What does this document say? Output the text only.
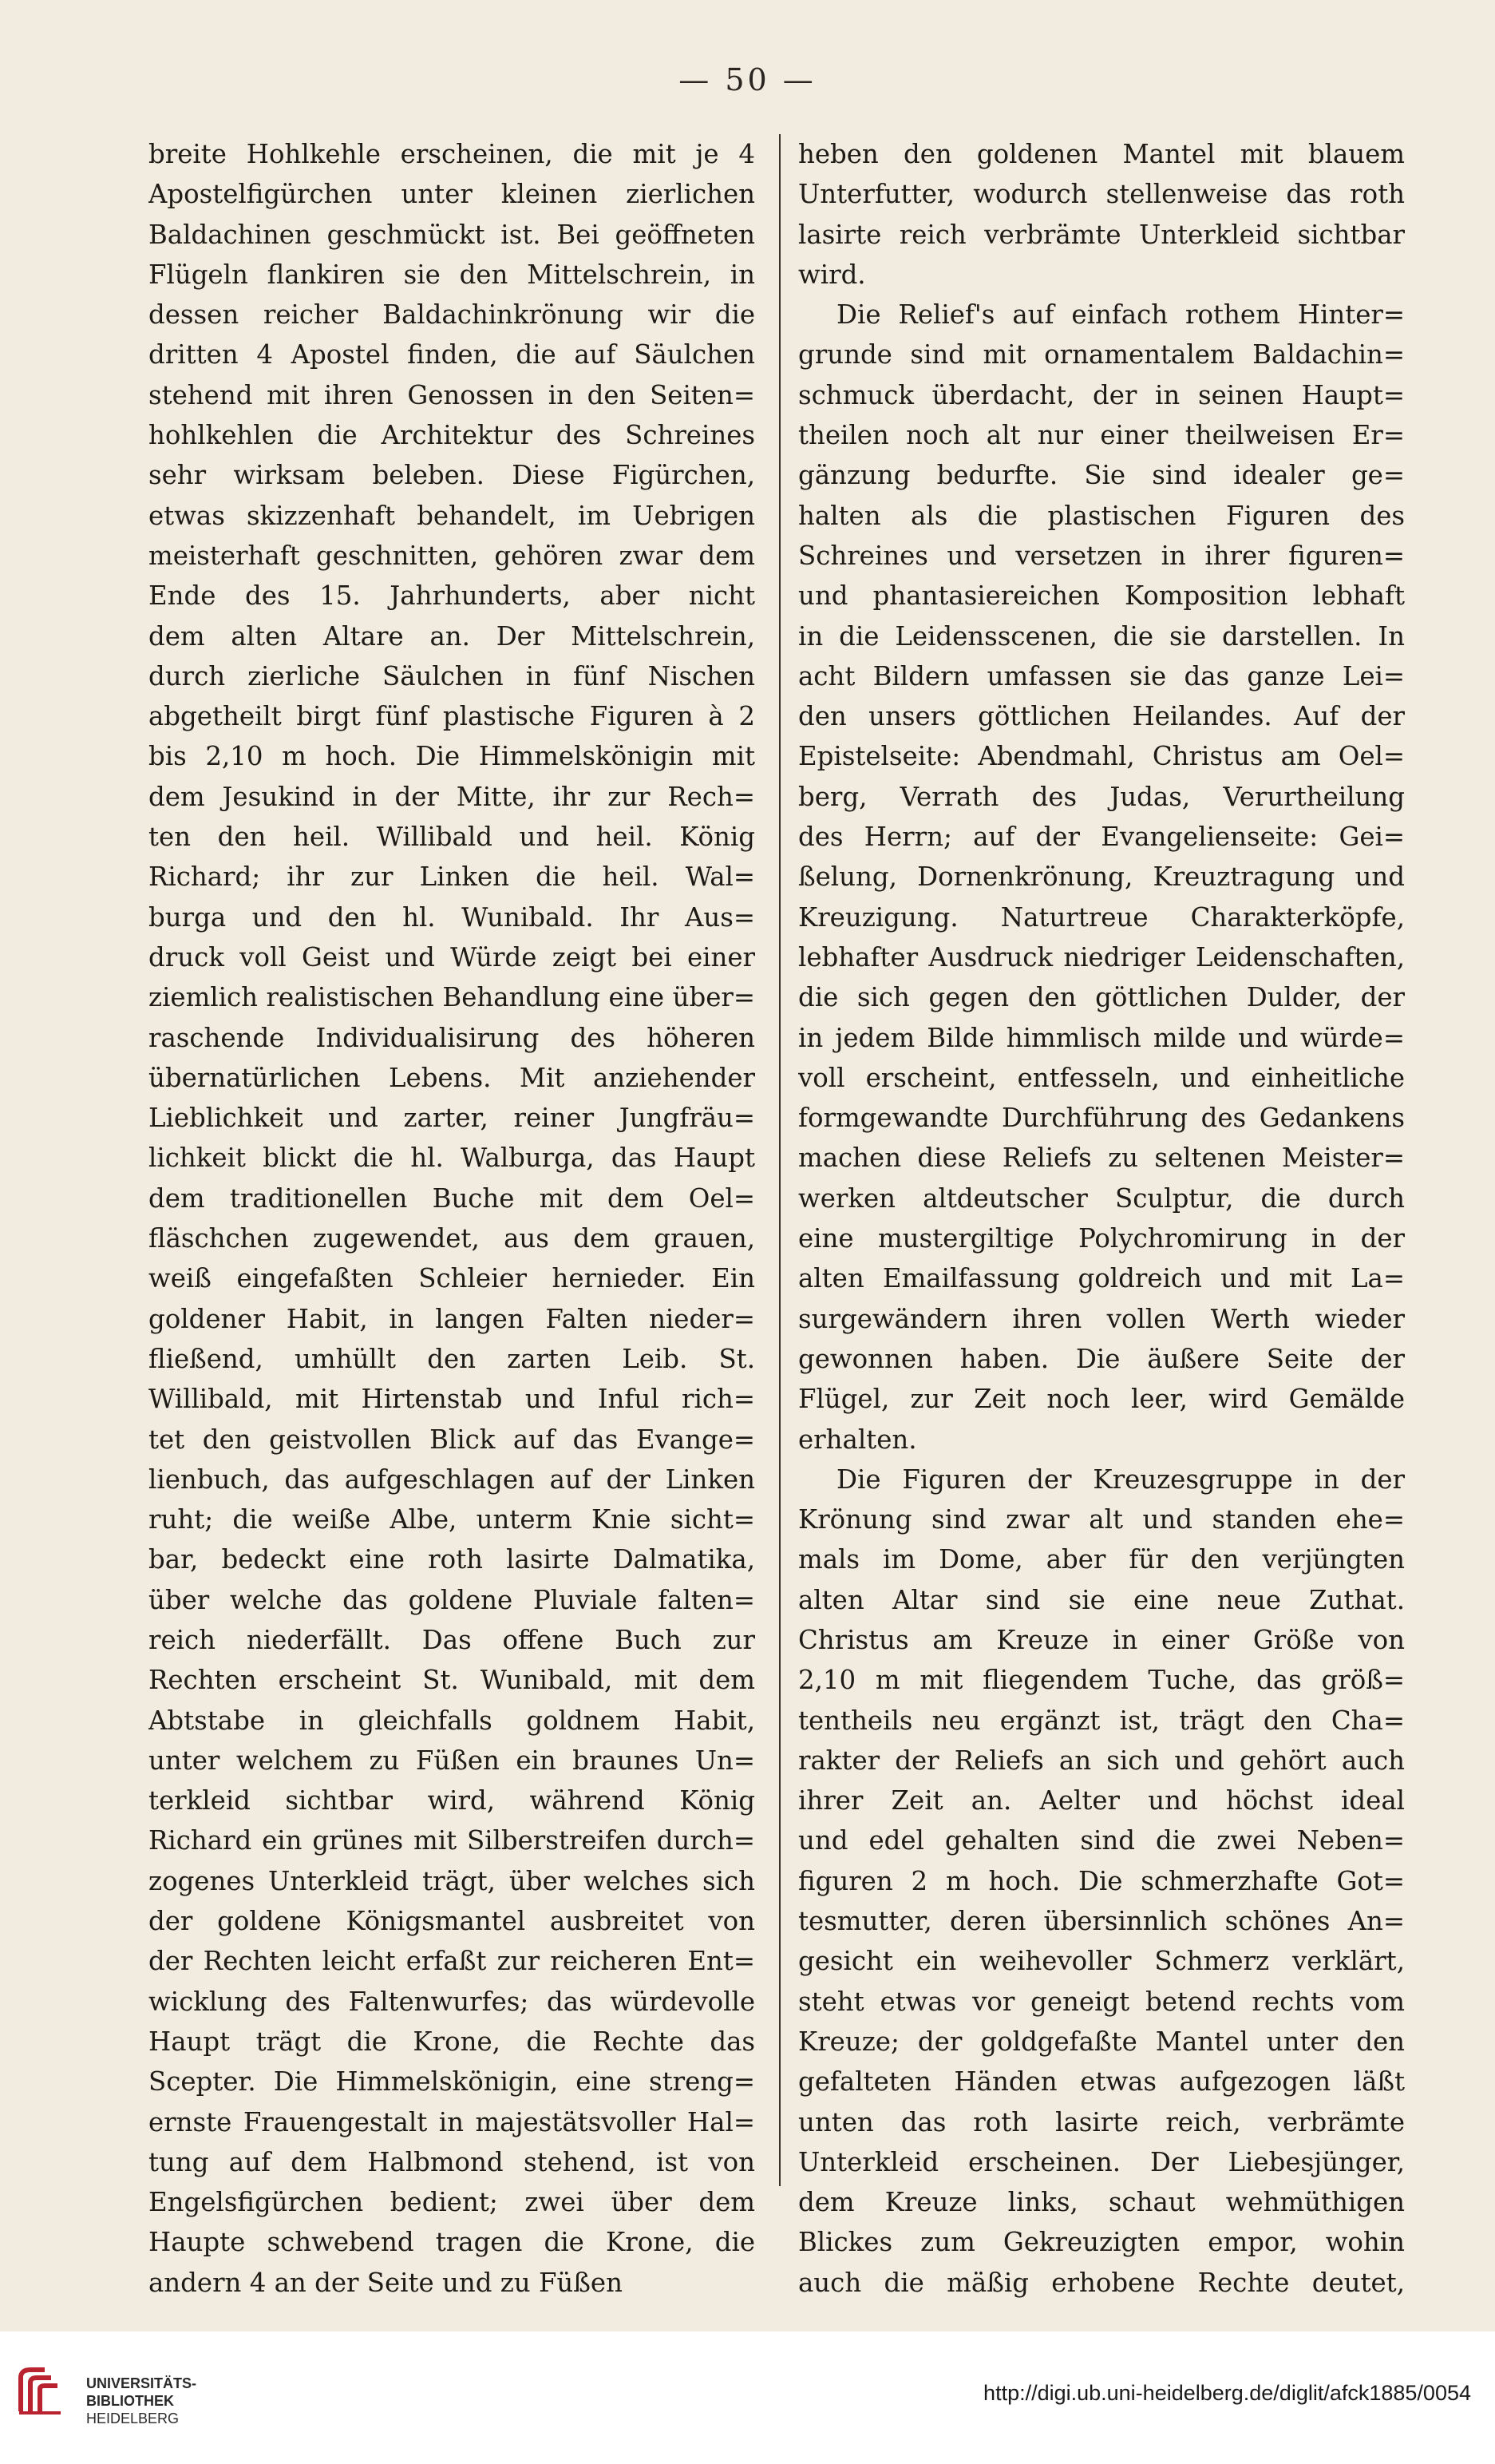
— 50 —
breite Hohlkehle erscheinen, die mit je 4
Apostelfigürchen unter kleinen zierlichen
Baldachinen geschmückt ist. Bei geöffneten
Flügeln flankiren sie den Mittelschrein, in
dessen reicher Baldachinkrönung wir die
dritten 4 Apostel finden, die auf Säulchen
stehend mit ihren Genossen in den Seiten=
hohlkehlen die Architektur des Schreines
sehr wirksam beleben. Diese Figürchen,
etwas skizzenhaft behandelt, im Uebrigen
meisterhaft geschnitten, gehören zwar dem
Ende des 15. Jahrhunderts, aber nicht
dem alten Altare an. Der Mittelschrein,
durch zierliche Säulchen in fünf Nischen
abgetheilt birgt fünf plastische Figuren à 2
bis 2,10 m hoch. Die Himmelskönigin mit
dem Jesukind in der Mitte, ihr zur Rech=
ten den heil. Willibald und heil. König
Richard; ihr zur Linken die heil. Wal=
burga und den hl. Wunibald. Ihr Aus=
druck voll Geist und Würde zeigt bei einer
ziemlich realistischen Behandlung eine über=
raschende Individualisirung des höheren
übernatürlichen Lebens. Mit anziehender
Lieblichkeit und zarter, reiner Jungfräu=
lichkeit blickt die hl. Walburga, das Haupt
dem traditionellen Buche mit dem Oel=
fläschchen zugewendet, aus dem grauen,
weiß eingefaßten Schleier hernieder. Ein
goldener Habit, in langen Falten nieder=
fließend, umhüllt den zarten Leib. St.
Willibald, mit Hirtenstab und Inful rich=
tet den geistvollen Blick auf das Evange=
lienbuch, das aufgeschlagen auf der Linken
ruht; die weiße Albe, unterm Knie sicht=
bar, bedeckt eine roth lasirte Dalmatika,
über welche das goldene Pluviale falten=
reich niederfällt. Das offene Buch zur
Rechten erscheint St. Wunibald, mit dem
Abtstabe in gleichfalls goldnem Habit,
unter welchem zu Füßen ein braunes Un=
terkleid sichtbar wird, während König
Richard ein grünes mit Silberstreifen durch=
zogenes Unterkleid trägt, über welches sich
der goldene Königsmantel ausbreitet von
der Rechten leicht erfaßt zur reicheren Ent=
wicklung des Faltenwurfes; das würdevolle
Haupt trägt die Krone, die Rechte das
Scepter. Die Himmelskönigin, eine streng=
ernste Frauengestalt in majestätsvoller Hal=
tung auf dem Halbmond stehend, ist von
Engelsfigürchen bedient; zwei über dem
Haupte schwebend tragen die Krone, die
andern 4 an der Seite und zu Füßen
heben den goldenen Mantel mit blauem
Unterfutter, wodurch stellenweise das roth
lasirte reich verbrämte Unterkleid sichtbar
wird.
Die Relief's auf einfach rothem Hinter=
grunde sind mit ornamentalem Baldachin=
schmuck überdacht, der in seinen Haupt=
theilen noch alt nur einer theilweisen Er=
gänzung bedurfte. Sie sind idealer ge=
halten als die plastischen Figuren des
Schreines und versetzen in ihrer figuren=
und phantasiereichen Komposition lebhaft
in die Leidensscenen, die sie darstellen. In
acht Bildern umfassen sie das ganze Lei=
den unsers göttlichen Heilandes. Auf der
Epistelseite: Abendmahl, Christus am Oel=
berg, Verrath des Judas, Verurtheilung
des Herrn; auf der Evangelienseite: Gei=
ßelung, Dornenkrönung, Kreuztragung und
Kreuzigung. Naturtreue Charakterköpfe,
lebhafter Ausdruck niedriger Leidenschaften,
die sich gegen den göttlichen Dulder, der
in jedem Bilde himmlisch milde und würde=
voll erscheint, entfesseln, und einheitliche
formgewandte Durchführung des Gedankens
machen diese Reliefs zu seltenen Meister=
werken altdeutscher Sculptur, die durch
eine mustergiltige Polychromirung in der
alten Emailfassung goldreich und mit La=
surgewändern ihren vollen Werth wieder
gewonnen haben. Die äußere Seite der
Flügel, zur Zeit noch leer, wird Gemälde
erhalten.
Die Figuren der Kreuzesgruppe in der
Krönung sind zwar alt und standen ehe=
mals im Dome, aber für den verjüngten
alten Altar sind sie eine neue Zuthat.
Christus am Kreuze in einer Größe von
2,10 m mit fliegendem Tuche, das größ=
tentheils neu ergänzt ist, trägt den Cha=
rakter der Reliefs an sich und gehört auch
ihrer Zeit an. Aelter und höchst ideal
und edel gehalten sind die zwei Neben=
figuren 2 m hoch. Die schmerzhafte Got=
tesmutter, deren übersinnlich schönes An=
gesicht ein weihevoller Schmerz verklärt,
steht etwas vor geneigt betend rechts vom
Kreuze; der goldgefaßte Mantel unter den
gefalteten Händen etwas aufgezogen läßt
unten das roth lasirte reich, verbrämte
Unterkleid erscheinen. Der Liebesjünger,
dem Kreuze links, schaut wehmüthigen
Blickes zum Gekreuzigten empor, wohin
auch die mäßig erhobene Rechte deutet,
UNIVERSITÄTS-
BIBLIOTHEK
HEIDELBERG
http://digi.ub.uni-heidelberg.de/diglit/afck1885/0054
